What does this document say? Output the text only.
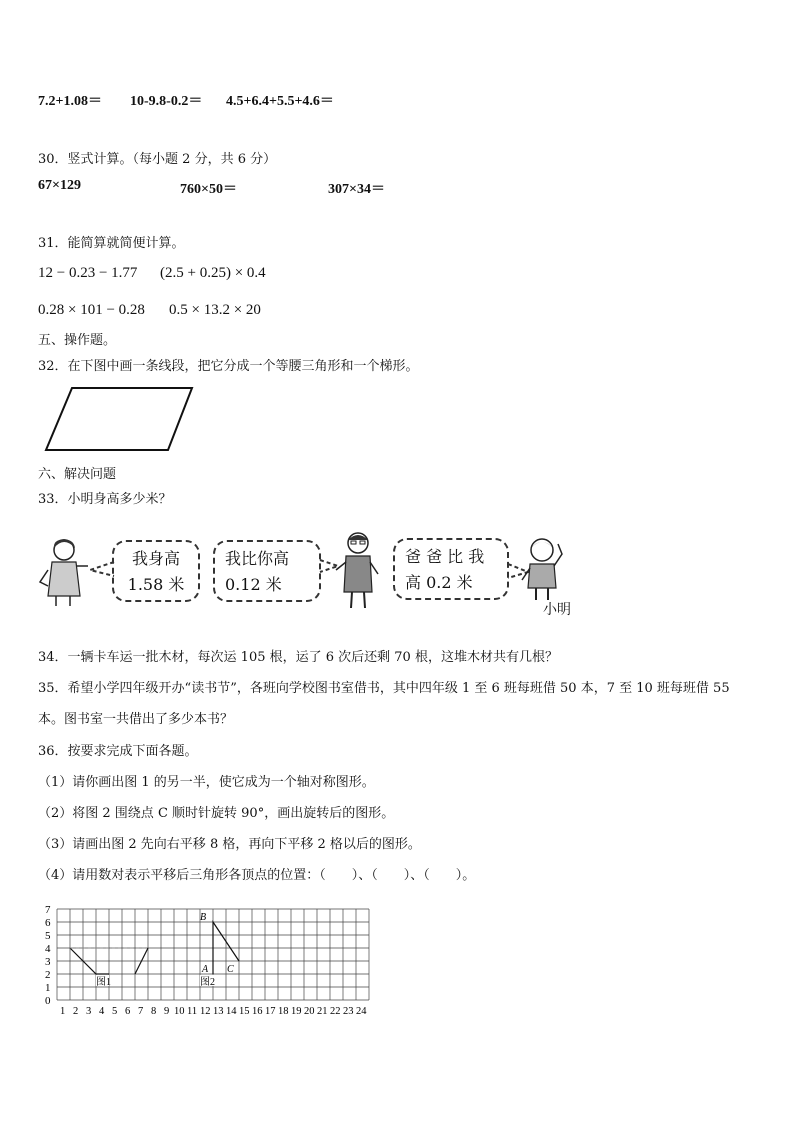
7.2+1.08＝ 10-9.8-0.2＝ 4.5+6.4+5.5+4.6＝
30．竖式计算。（每小题 2 分，共 6 分）
67×129	760×50＝	307×34＝
31．能简算就简便计算。
12 − 0.23 − 1.77 (2.5 + 0.25) × 0.4
0.28 × 101 − 0.28 0.5 × 13.2 × 20
五、操作题。
32．在下图中画一条线段，把它分成一个等腰三角形和一个梯形。
六、解决问题
33．小明身高多少米？
我身高
1.58 米
我比你高
0.12 米
爸 爸 比 我
高 0.2 米
小明
34．一辆卡车运一批木材，每次运 105 根，运了 6 次后还剩 70 根，这堆木材共有几根？
35．希望小学四年级开办“读书节”，各班向学校图书室借书，其中四年级 1 至 6 班每班借 50 本，7 至 10 班每班借 55
本。图书室一共借出了多少本书？
36．按要求完成下面各题。
（1）请你画出图 1 的另一半，使它成为一个轴对称图形。
（2）将图 2 围绕点 C 顺时针旋转 90°，画出旋转后的图形。
（3）请画出图 2 先向右平移 8 格，再向下平移 2 格以后的图形。
（4）请用数对表示平移后三角形各顶点的位置：（　　）、（　　）、（　　）。
0
1
2
3
4
5
6
7
1 2 3 4 5 6 7 8 9 10 11 12 13 14 15 16 17 18 19 20 21 22 23 24
图1	图2
A
B
C
